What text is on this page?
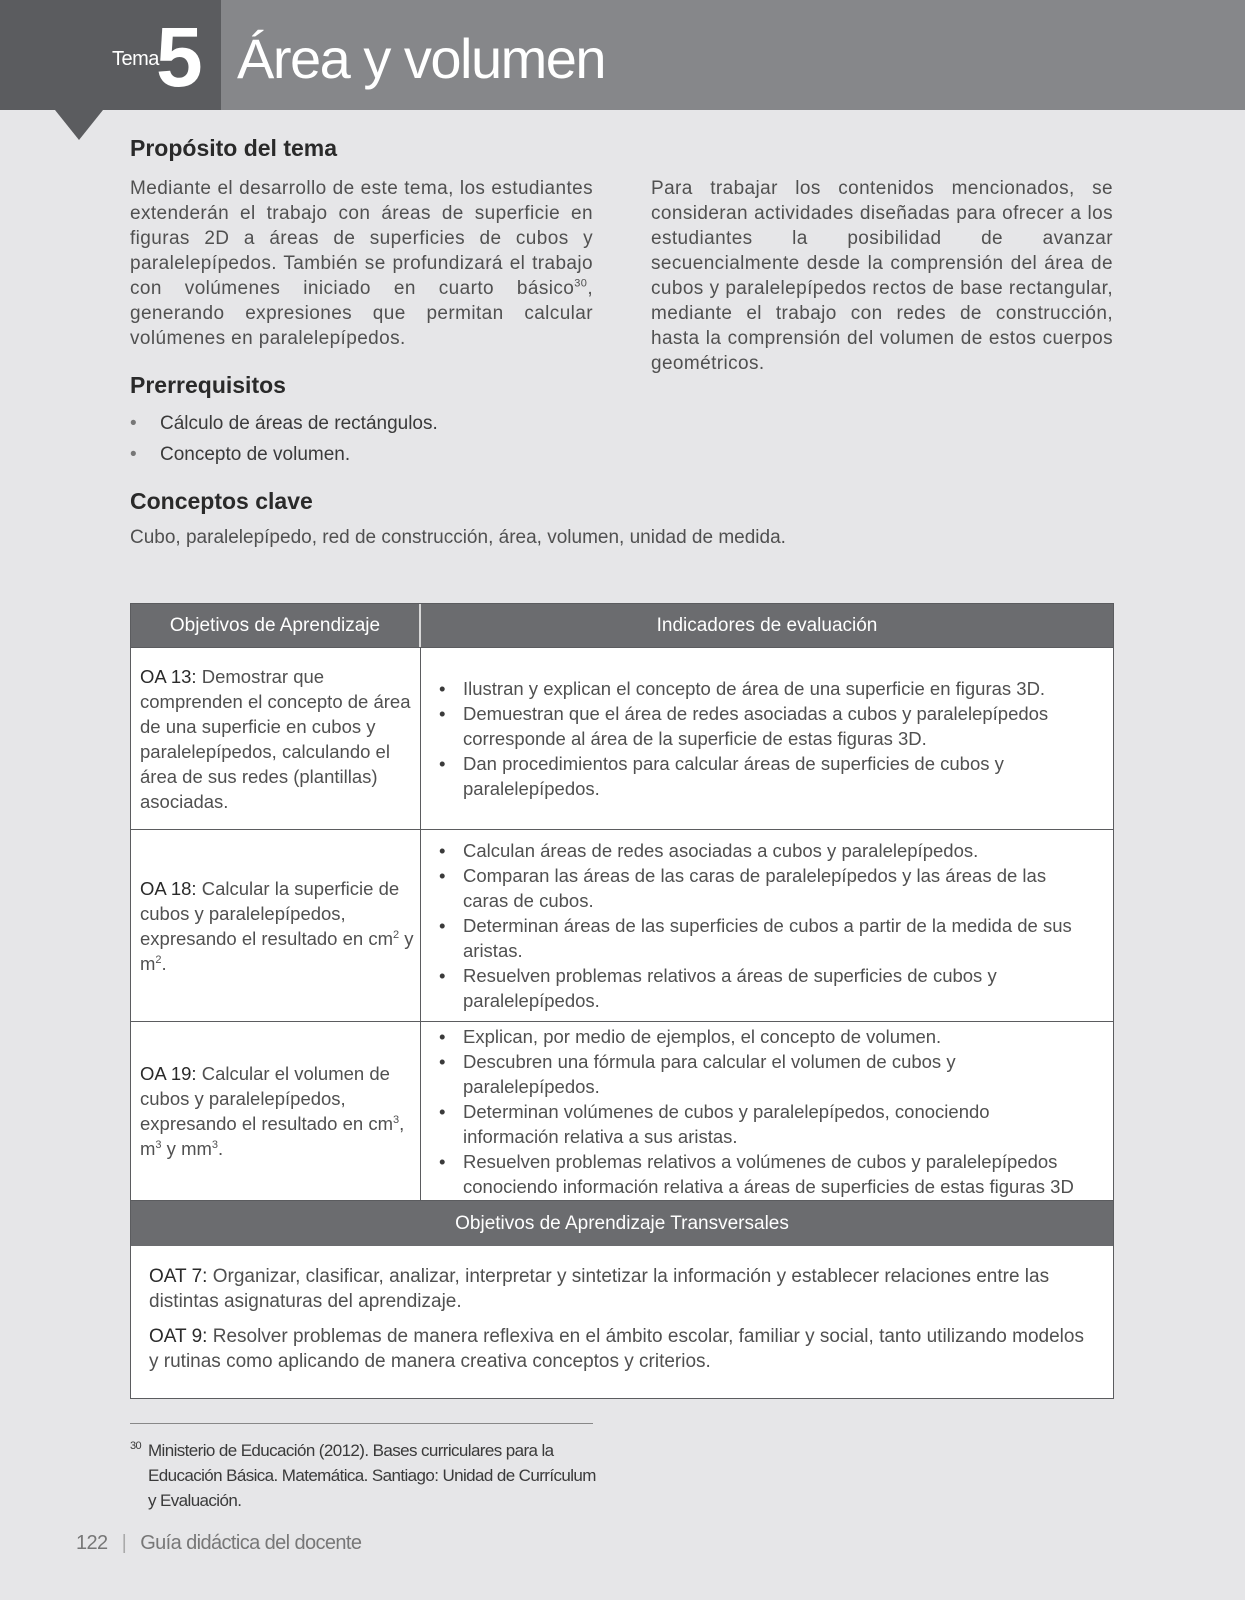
Tema
5 Área y volumen
Propósito del tema

Mediante el desarrollo de este tema, los estudiantes extenderán el trabajo con áreas de superficie en figuras 2D a áreas de superficies de cubos y paralelepípedos. También se profundizará el trabajo con volúmenes iniciado en cuarto básico$^{30}$, generando expresiones que permitan calcular volúmenes en paralelepípedos.

Para trabajar los contenidos mencionados, se consideran actividades diseñadas para ofrecer a los estudiantes la posibilidad de avanzar secuencialmente desde la comprensión del área de cubos y paralelepípedos rectos de base rectangular, mediante el trabajo con redes de construcción, hasta la comprensión del volumen de estos cuerpos geométricos.

Prerrequisitos
• Cálculo de áreas de rectángulos.
• Concepto de volumen.
Conceptos clave
Cubo, paralelepípedo, red de construcción, área, volumen, unidad de medida.
Objetivos de Aprendizaje	Indicadores de evaluación
OA 13: Demostrar que comprenden el concepto de área de una superficie en cubos y paralelepípedos, calculando el área de sus redes (plantillas) asociadas.
• Ilustran y explican el concepto de área de una superficie en figuras 3D.
• Demuestran que el área de redes asociadas a cubos y paralelepípedos corresponde al área de la superficie de estas figuras 3D.
• Dan procedimientos para calcular áreas de superficies de cubos y paralelepípedos.
OA 18: Calcular la superficie de cubos y paralelepípedos, expresando el resultado en $cm^2$ y $m^2$.
• Calculan áreas de redes asociadas a cubos y paralelepípedos.
• Comparan las áreas de las caras de paralelepípedos y las áreas de las caras de cubos.
• Determinan áreas de las superficies de cubos a partir de la medida de sus aristas.
• Resuelven problemas relativos a áreas de superficies de cubos y paralelepípedos.
OA 19: Calcular el volumen de cubos y paralelepípedos, expresando el resultado en $cm^3$, $m^3$ y $mm^3$.
• Explican, por medio de ejemplos, el concepto de volumen.
• Descubren una fórmula para calcular el volumen de cubos y paralelepípedos.
• Determinan volúmenes de cubos y paralelepípedos, conociendo información relativa a sus aristas.
• Resuelven problemas relativos a volúmenes de cubos y paralelepípedos conociendo información relativa a áreas de superficies de estas figuras 3D
Objetivos de Aprendizaje Transversales

OAT 7: Organizar, clasificar, analizar, interpretar y sintetizar la información y establecer relaciones entre las distintas asignaturas del aprendizaje.

OAT 9: Resolver problemas de manera reflexiva en el ámbito escolar, familiar y social, tanto utilizando modelos y rutinas como aplicando de manera creativa conceptos y criterios.

30 Ministerio de Educación (2012). Bases curriculares para la Educación Básica. Matemática. Santiago: Unidad de Currículum y Evaluación.
122 | Guía didáctica del docente
